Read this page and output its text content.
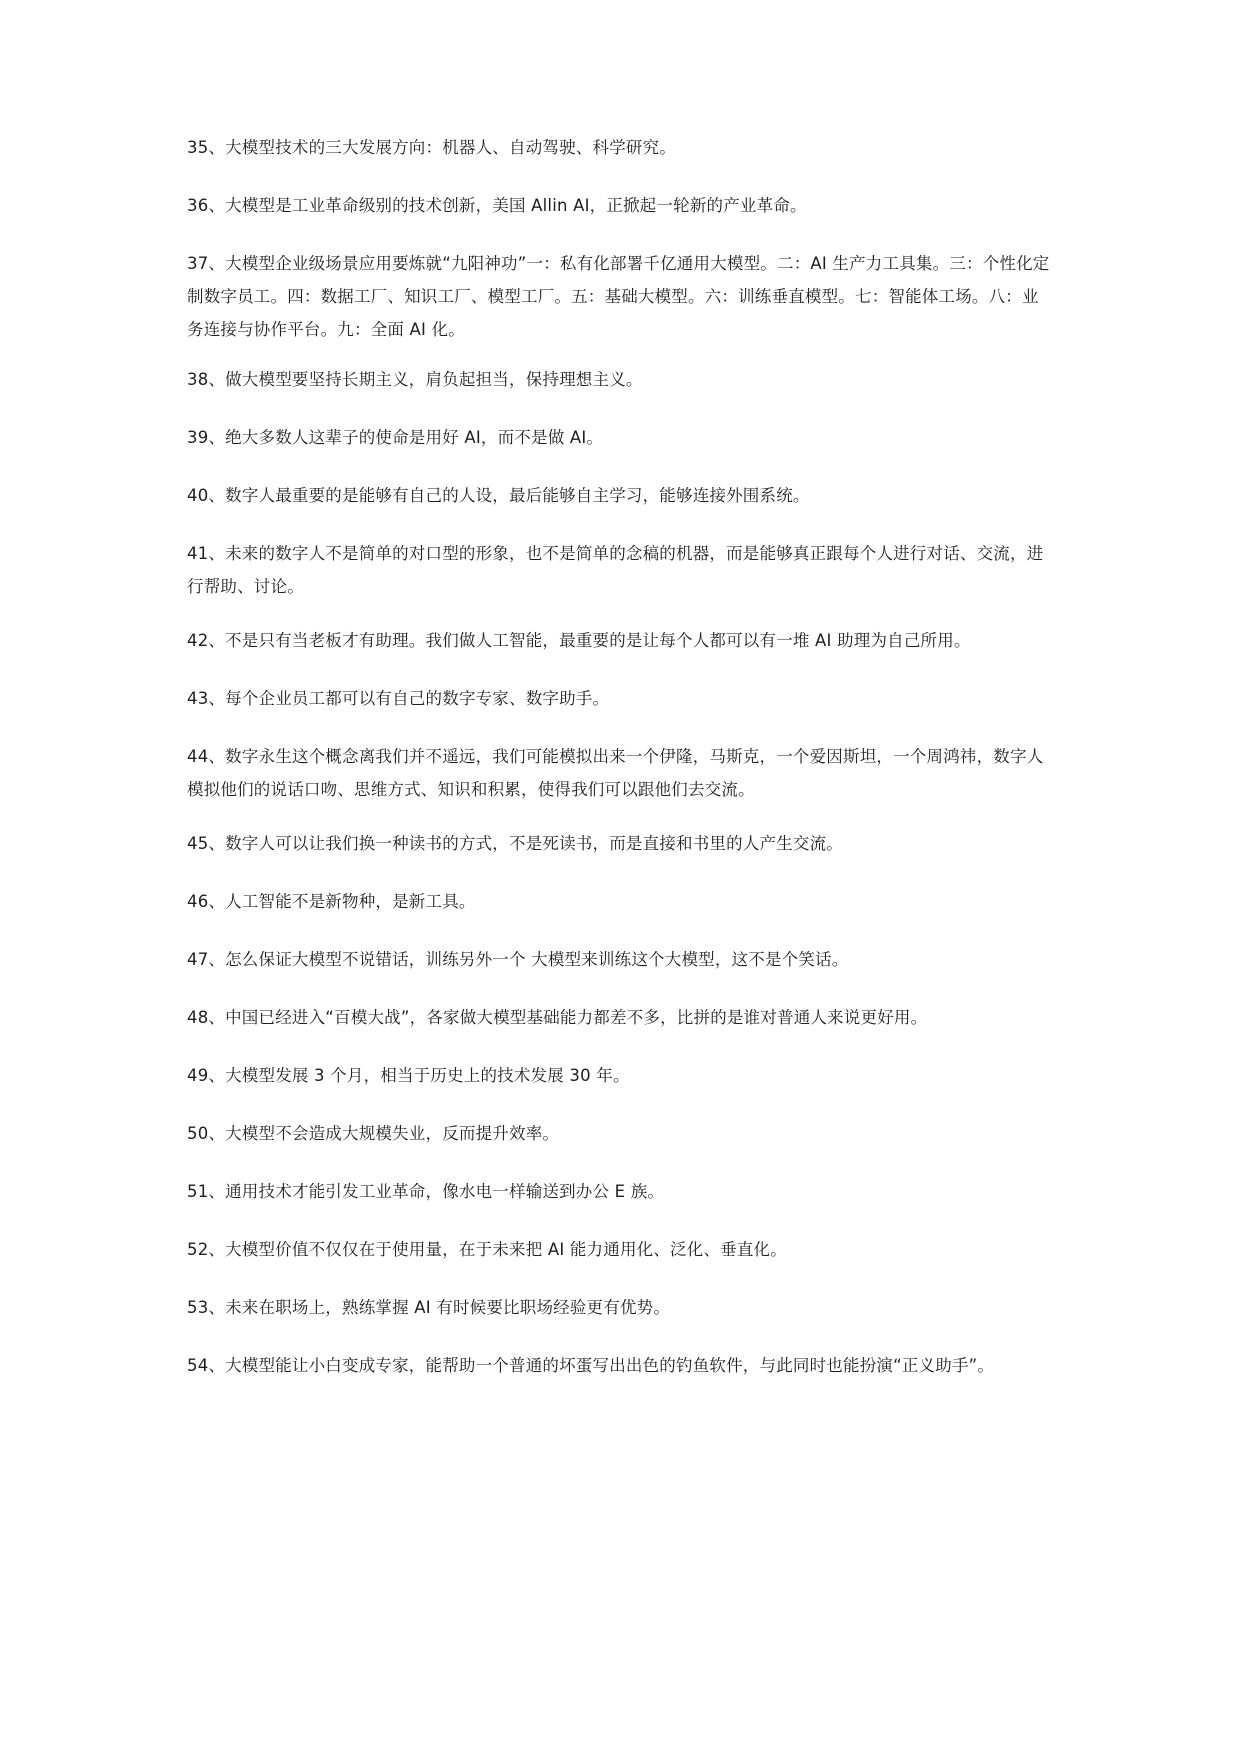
35、大模型技术的三大发展方向：机器人、自动驾驶、科学研究。

36、大模型是工业革命级别的技术创新，美国 Allin AI，正掀起一轮新的产业革命。

37、大模型企业级场景应用要炼就“九阳神功”一：私有化部署千亿通用大模型。二：AI 生产力工具集。三：个性化定制数字员工。四：数据工厂、知识工厂、模型工厂。五：基础大模型。六：训练垂直模型。七：智能体工场。八：业务连接与协作平台。九：全面 AI 化。

38、做大模型要坚持长期主义，肩负起担当，保持理想主义。

39、绝大多数人这辈子的使命是用好 AI，而不是做 AI。

40、数字人最重要的是能够有自己的人设，最后能够自主学习，能够连接外围系统。

41、未来的数字人不是简单的对口型的形象，也不是简单的念稿的机器，而是能够真正跟每个人进行对话、交流，进行帮助、讨论。

42、不是只有当老板才有助理。我们做人工智能，最重要的是让每个人都可以有一堆 AI 助理为自己所用。

43、每个企业员工都可以有自己的数字专家、数字助手。

44、数字永生这个概念离我们并不遥远，我们可能模拟出来一个伊隆，马斯克，一个爱因斯坦，一个周鸿祎，数字人模拟他们的说话口吻、思维方式、知识和积累，使得我们可以跟他们去交流。

45、数字人可以让我们换一种读书的方式，不是死读书，而是直接和书里的人产生交流。

46、人工智能不是新物种，是新工具。

47、怎么保证大模型不说错话，训练另外一个 大模型来训练这个大模型，这不是个笑话。

48、中国已经进入“百模大战”，各家做大模型基础能力都差不多，比拼的是谁对普通人来说更好用。

49、大模型发展 3 个月，相当于历史上的技术发展 30 年。

50、大模型不会造成大规模失业，反而提升效率。

51、通用技术才能引发工业革命，像水电一样输送到办公 E 族。

52、大模型价值不仅仅在于使用量，在于未来把 AI 能力通用化、泛化、垂直化。

53、未来在职场上，熟练掌握 AI 有时候要比职场经验更有优势。

54、大模型能让小白变成专家，能帮助一个普通的坏蛋写出出色的钓鱼软件，与此同时也能扮演“正义助手”。
